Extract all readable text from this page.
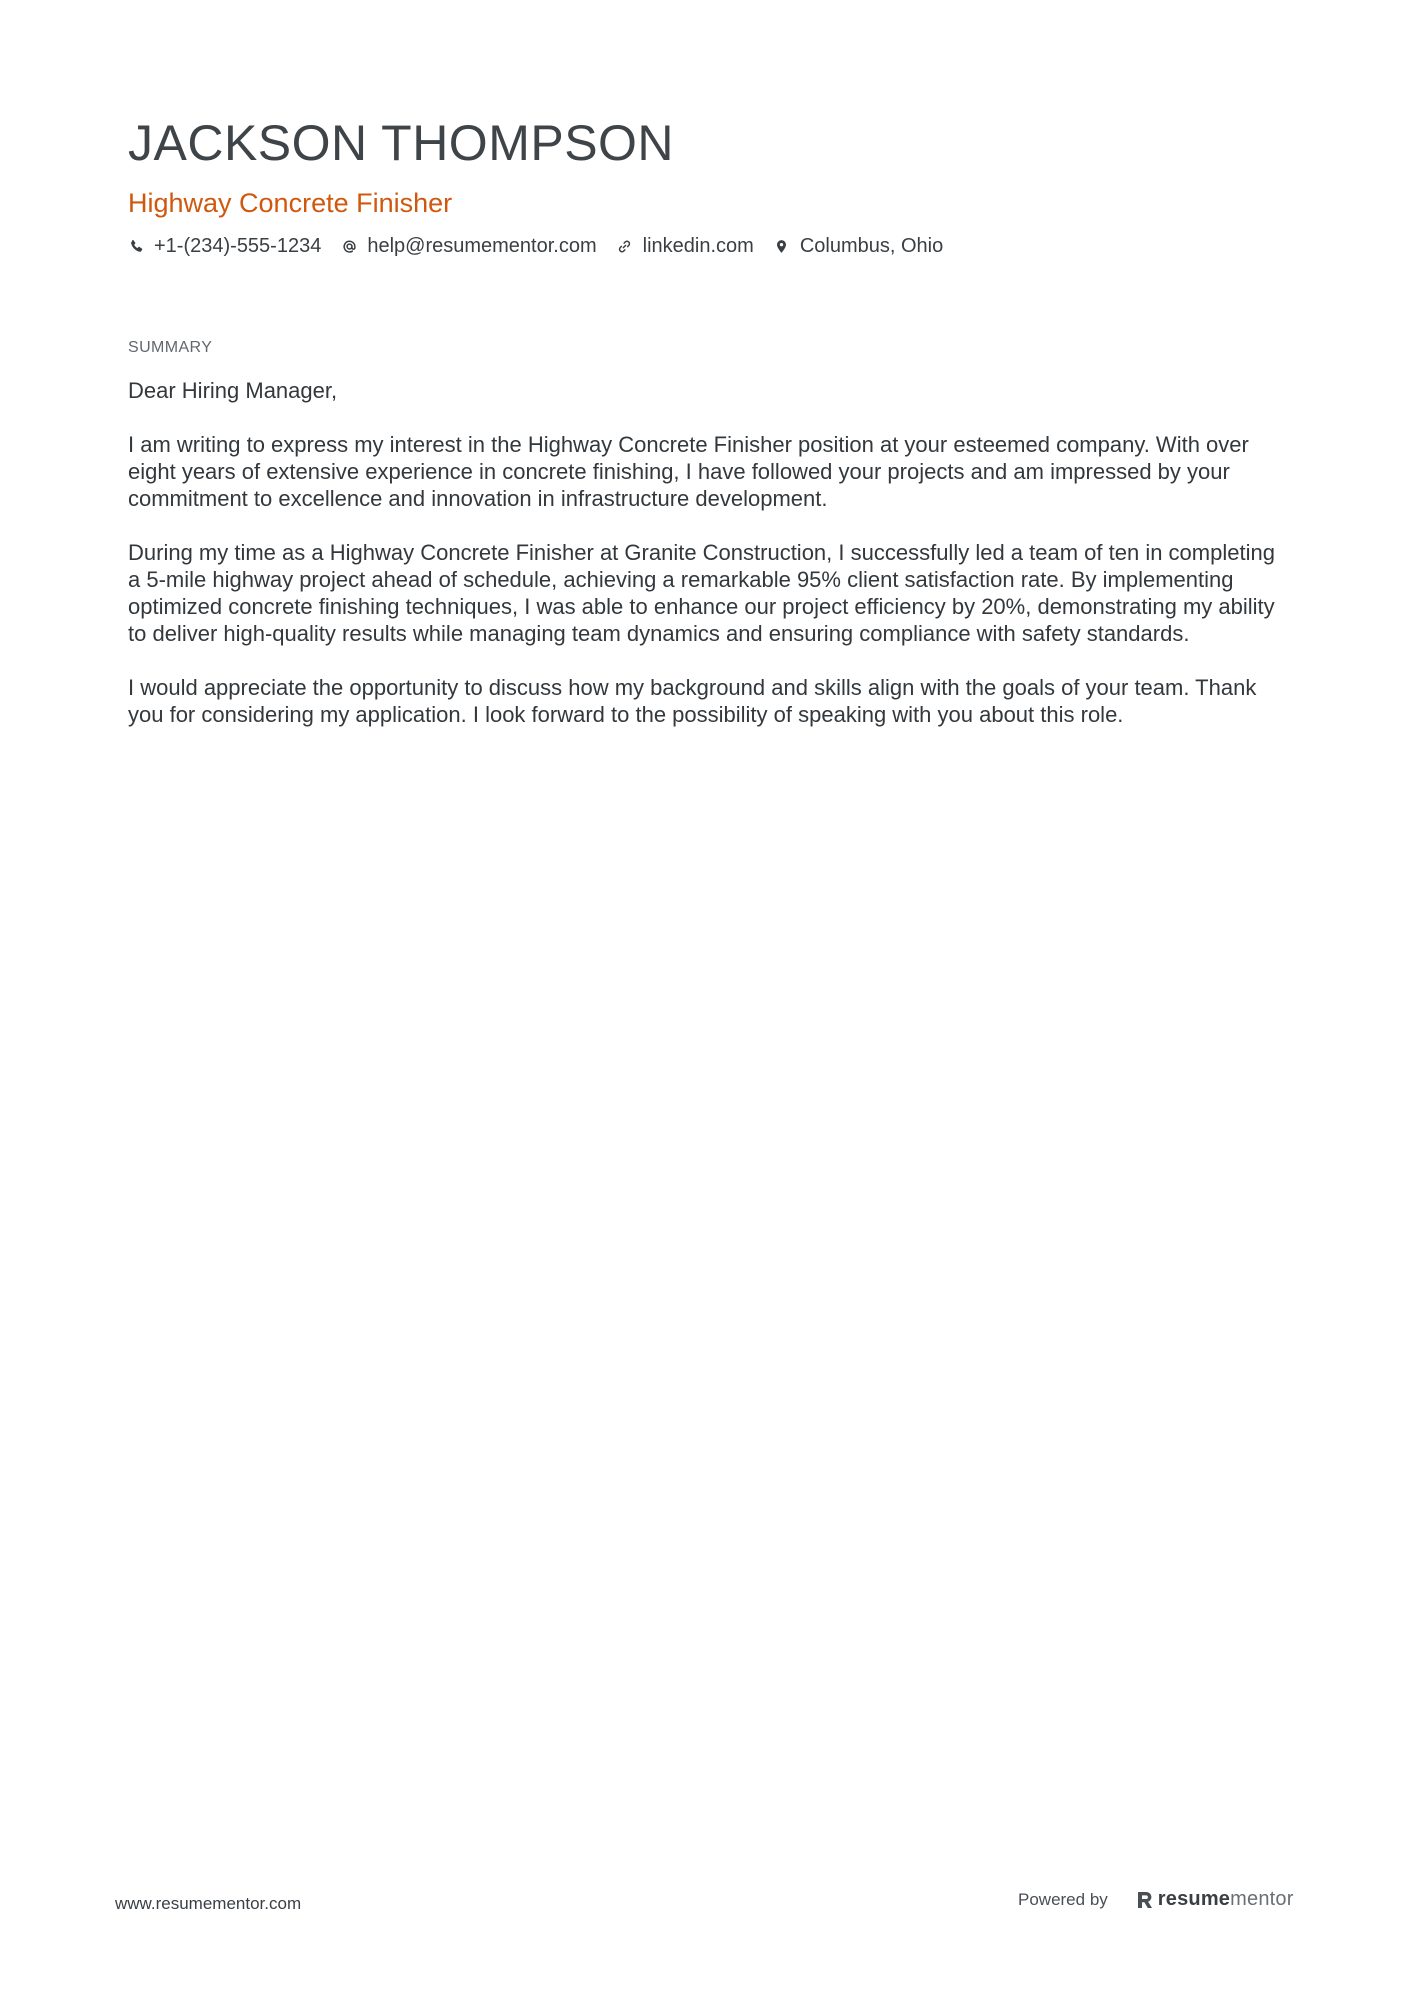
JACKSON THOMPSON
Highway Concrete Finisher
+1-(234)-555-1234 help@resumementor.com linkedin.com Columbus, Ohio
SUMMARY

Dear Hiring Manager,

I am writing to express my interest in the Highway Concrete Finisher position at your esteemed company. With over eight years of extensive experience in concrete finishing, I have followed your projects and am impressed by your commitment to excellence and innovation in infrastructure development.

During my time as a Highway Concrete Finisher at Granite Construction, I successfully led a team of ten in completing a 5-mile highway project ahead of schedule, achieving a remarkable 95% client satisfaction rate. By implementing optimized concrete finishing techniques, I was able to enhance our project efficiency by 20%, demonstrating my ability to deliver high-quality results while managing team dynamics and ensuring compliance with safety standards.

I would appreciate the opportunity to discuss how my background and skills align with the goals of your team. Thank you for considering my application. I look forward to the possibility of speaking with you about this role.

www.resumementor.com	Powered by	resume mentor
